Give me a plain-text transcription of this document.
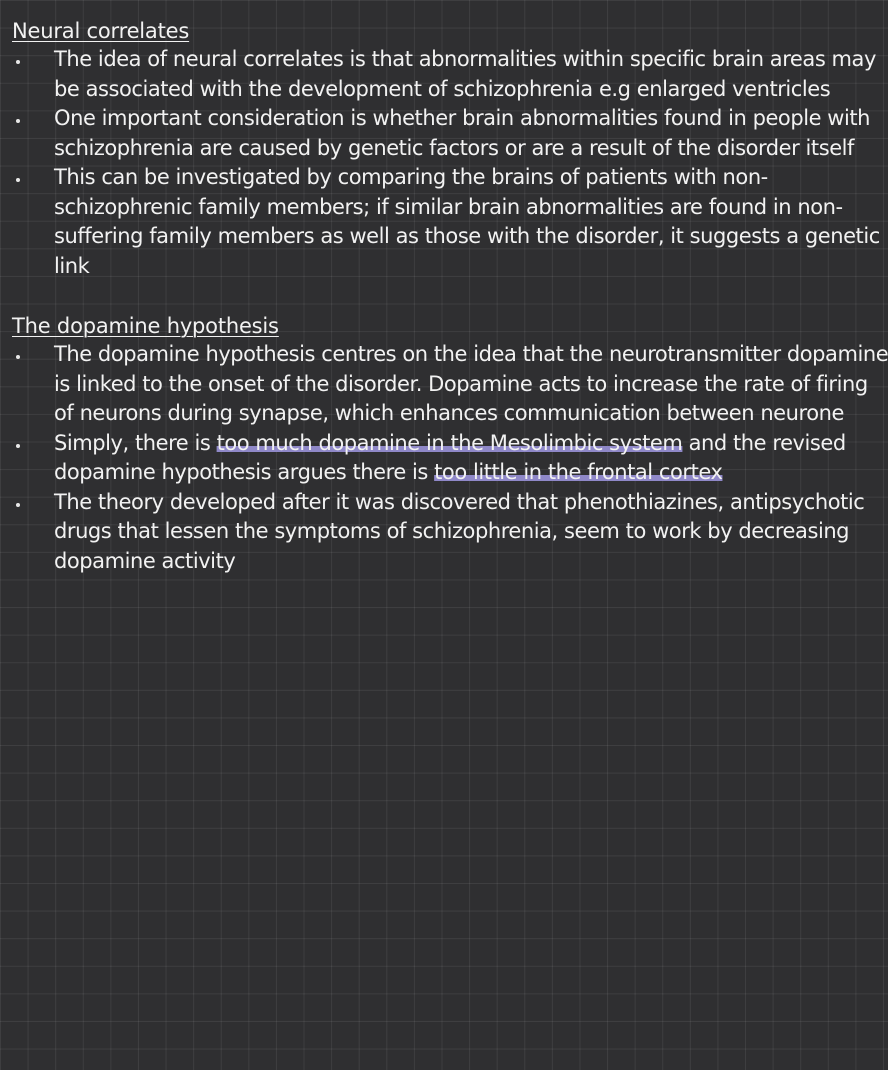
Neural correlates
The idea of neural correlates is that abnormalities within specific brain areas may
be associated with the development of schizophrenia e.g enlarged ventricles
One important consideration is whether brain abnormalities found in people with
schizophrenia are caused by genetic factors or are a result of the disorder itself
This can be investigated by comparing the brains of patients with non-
schizophrenic family members; if similar brain abnormalities are found in non-
suffering family members as well as those with the disorder, it suggests a genetic
link
The dopamine hypothesis
The dopamine hypothesis centres on the idea that the neurotransmitter dopamine
is linked to the onset of the disorder. Dopamine acts to increase the rate of firing
of neurons during synapse, which enhances communication between neurone
Simply, there is too much dopamine in the Mesolimbic system and the revised
dopamine hypothesis argues there is too little in the frontal cortex
The theory developed after it was discovered that phenothiazines, antipsychotic
drugs that lessen the symptoms of schizophrenia, seem to work by decreasing
dopamine activity
